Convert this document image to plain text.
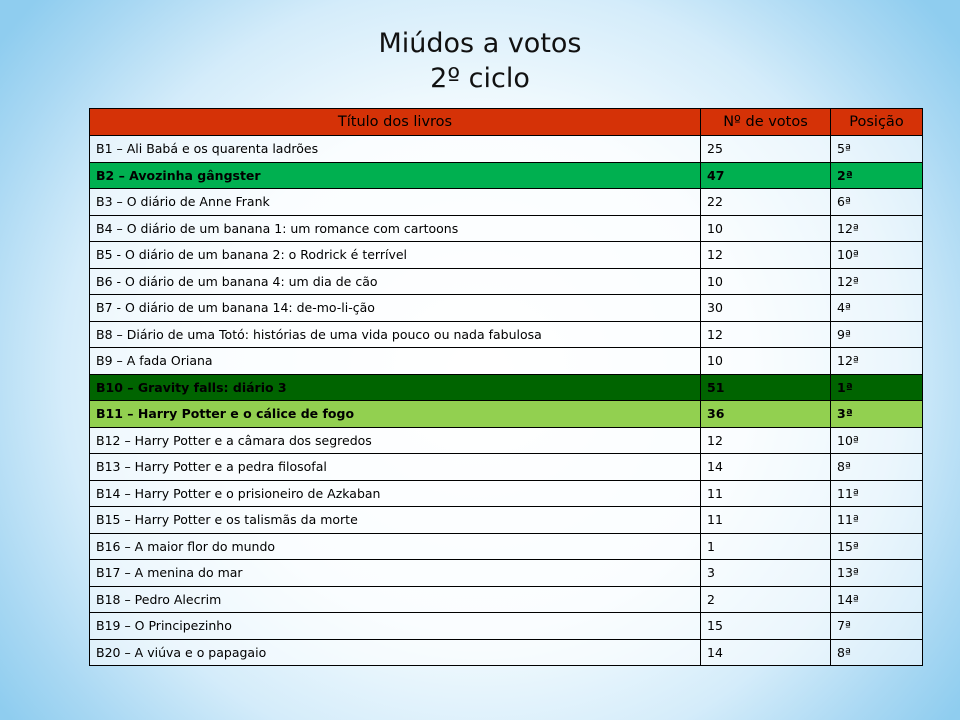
Miúdos a votos
2º ciclo
Título dos livros	Nº de votos	Posição
B1 – Ali Babá e os quarenta ladrões	25	5ª
B2 – Avozinha gângster	47	2ª
B3 – O diário de Anne Frank	22	6ª
B4 – O diário de um banana 1: um romance com cartoons	10	12ª
B5 - O diário de um banana 2: o Rodrick é terrível	12	10ª
B6 - O diário de um banana 4: um dia de cão	10	12ª
B7 - O diário de um banana 14: de-mo-li-ção	30	4ª
B8 – Diário de uma Totó: histórias de uma vida pouco ou nada fabulosa	12	9ª
B9 – A fada Oriana	10	12ª
B10 – Gravity falls: diário 3	51	1ª
B11 – Harry Potter e o cálice de fogo	36	3ª
B12 – Harry Potter e a câmara dos segredos	12	10ª
B13 – Harry Potter e a pedra filosofal	14	8ª
B14 – Harry Potter e o prisioneiro de Azkaban	11	11ª
B15 – Harry Potter e os talismãs da morte	11	11ª
B16 – A maior flor do mundo	1	15ª
B17 – A menina do mar	3	13ª
B18 – Pedro Alecrim	2	14ª
B19 – O Principezinho	15	7ª
B20 – A viúva e o papagaio	14	8ª
